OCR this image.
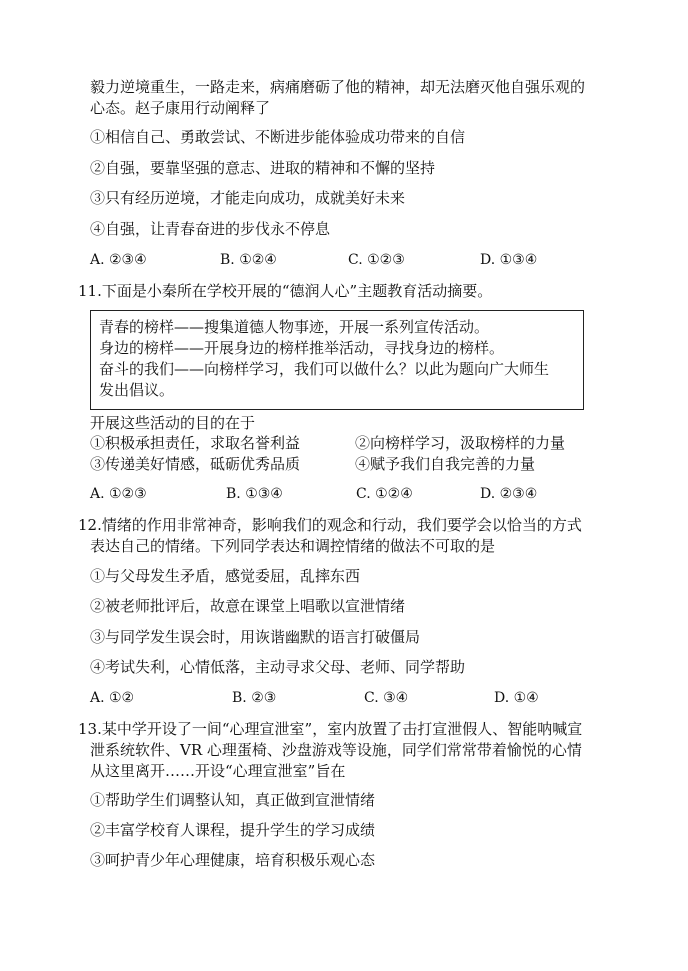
毅力逆境重生，一路走来，病痛磨砺了他的精神，却无法磨灭他自强乐观的
心态。赵子康用行动阐释了
①相信自己、勇敢尝试、不断进步能体验成功带来的自信
②自强，要靠坚强的意志、进取的精神和不懈的坚持
③只有经历逆境，才能走向成功，成就美好未来
④自强，让青春奋进的步伐永不停息
A. ②③④	B. ①②④	C. ①②③	D. ①③④
11.下面是小秦所在学校开展的“德润人心”主题教育活动摘要。
青春的榜样——搜集道德人物事迹，开展一系列宣传活动。
身边的榜样——开展身边的榜样推举活动，寻找身边的榜样。
奋斗的我们——向榜样学习，我们可以做什么？以此为题向广大师生
发出倡议。
开展这些活动的目的在于
①积极承担责任，求取名誉利益	②向榜样学习，汲取榜样的力量
③传递美好情感，砥砺优秀品质	④赋予我们自我完善的力量
A. ①②③	B. ①③④	C. ①②④	D. ②③④
12.情绪的作用非常神奇，影响我们的观念和行动，我们要学会以恰当的方式
表达自己的情绪。下列同学表达和调控情绪的做法不可取的是
①与父母发生矛盾，感觉委屈，乱摔东西
②被老师批评后，故意在课堂上唱歌以宣泄情绪
③与同学发生误会时，用诙谐幽默的语言打破僵局
④考试失利，心情低落，主动寻求父母、老师、同学帮助
A. ①②	B. ②③	C. ③④	D. ①④
13.某中学开设了一间“心理宣泄室”，室内放置了击打宣泄假人、智能呐喊宣
泄系统软件、VR 心理蛋椅、沙盘游戏等设施，同学们常常带着愉悦的心情
从这里离开……开设“心理宣泄室”旨在
①帮助学生们调整认知，真正做到宣泄情绪
②丰富学校育人课程，提升学生的学习成绩
③呵护青少年心理健康，培育积极乐观心态
